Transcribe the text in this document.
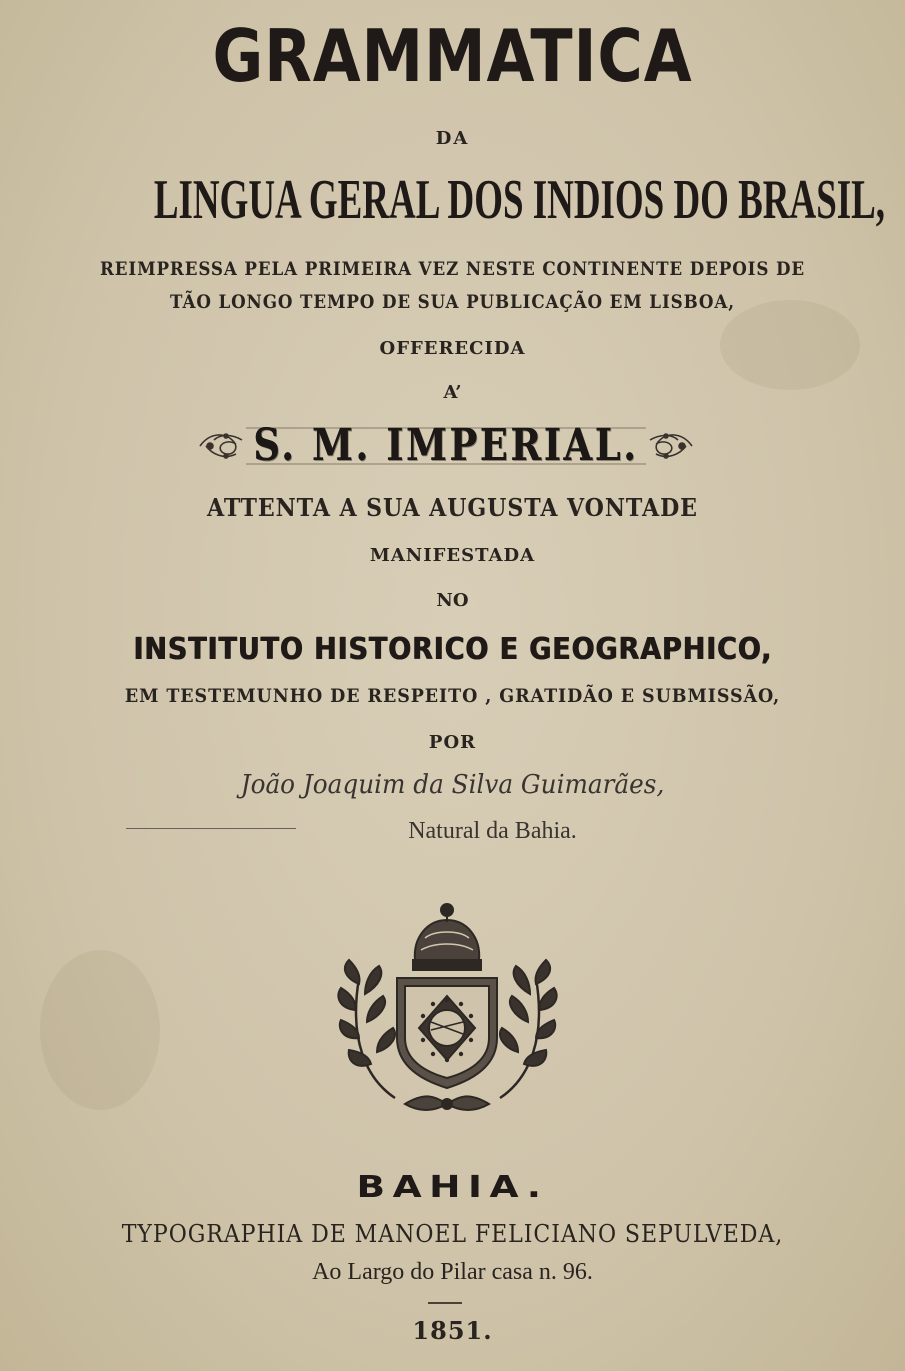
GRAMMATICA
DA
LINGUA GERAL DOS INDIOS DO BRASIL,
REIMPRESSA PELA PRIMEIRA VEZ NESTE CONTINENTE DEPOIS DE
TÃO LONGO TEMPO DE SUA PUBLICAÇÃO EM LISBOA,
OFFERECIDA
A’
S. M. IMPERIAL.
ATTENTA A SUA AUGUSTA VONTADE
MANIFESTADA
NO
INSTITUTO HISTORICO E GEOGRAPHICO,
EM TESTEMUNHO DE RESPEITO , GRATIDÃO E SUBMISSÃO,
POR
João Joaquim da Silva Guimarães,
Natural da Bahia.
BAHIA.
TYPOGRAPHIA DE MANOEL FELICIANO SEPULVEDA,
Ao Largo do Pilar casa n. 96.
1851.
